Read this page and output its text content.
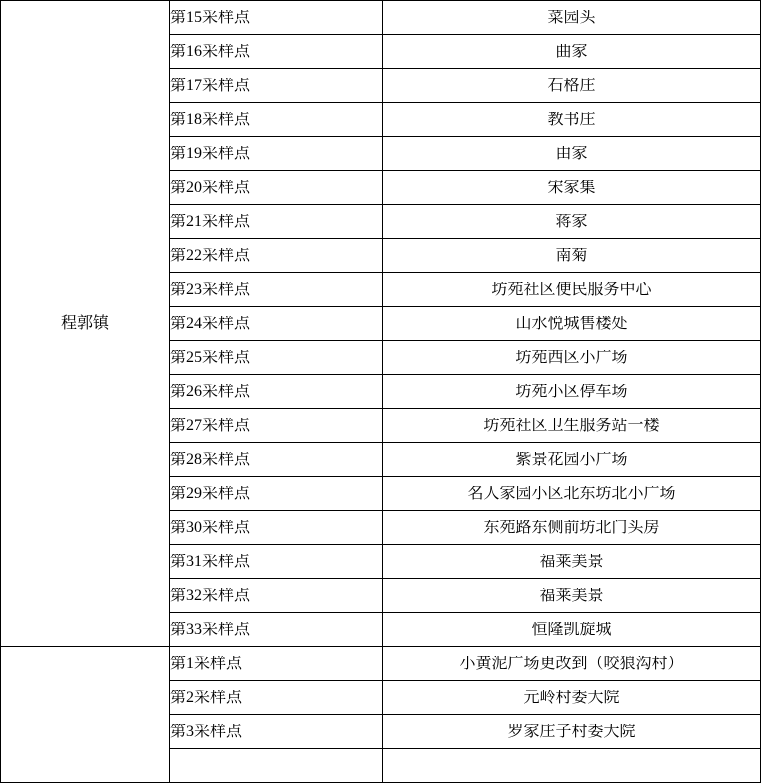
程郭镇	第15采样点	菜园头

	第16采样点	曲家

	第17采样点	石格庄

	第18采样点	教书庄

	第19采样点	由家

	第20采样点	宋家集

	第21采样点	蒋家

	第22采样点	南菊

	第23采样点	坊苑社区便民服务中心

	第24采样点	山水悦城售楼处

	第25采样点	坊苑西区小广场

	第26采样点	坊苑小区停车场

	第27采样点	坊苑社区卫生服务站一楼

	第28采样点	紫景花园小广场

	第29采样点	名人家园小区北东坊北小广场

	第30采样点	东苑路东侧前坊北门头房

	第31采样点	福莱美景

	第32采样点	福莱美景

	第33采样点	恒隆凯旋城

	第1采样点	小黄泥广场更改到（咬狼沟村）

	第2采样点	元岭村委大院

	第3采样点	罗家庄子村委大院
